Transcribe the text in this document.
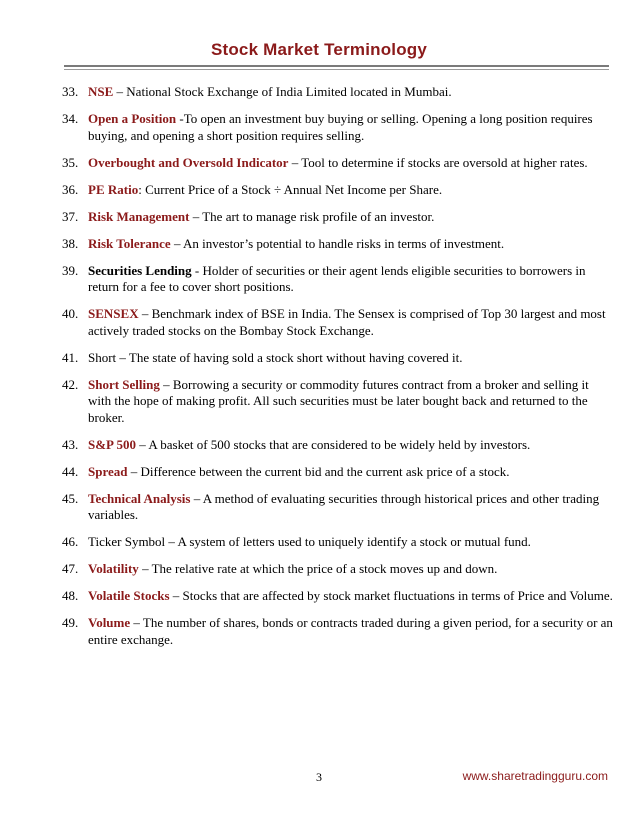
Stock Market Terminology
33. NSE – National Stock Exchange of India Limited located in Mumbai.
34. Open a Position -To open an investment buy buying or selling. Opening a long position requires buying, and opening a short position requires selling.
35. Overbought and Oversold Indicator – Tool to determine if stocks are oversold at higher rates.
36. PE Ratio: Current Price of a Stock ÷ Annual Net Income per Share.
37. Risk Management – The art to manage risk profile of an investor.
38. Risk Tolerance – An investor’s potential to handle risks in terms of investment.
39. Securities Lending - Holder of securities or their agent lends eligible securities to borrowers in return for a fee to cover short positions.
40. SENSEX – Benchmark index of BSE in India. The Sensex is comprised of Top 30 largest and most actively traded stocks on the Bombay Stock Exchange.
41. Short – The state of having sold a stock short without having covered it.
42. Short Selling – Borrowing a security or commodity futures contract from a broker and selling it with the hope of making profit. All such securities must be later bought back and returned to the broker.
43. S&P 500 – A basket of 500 stocks that are considered to be widely held by investors.
44. Spread – Difference between the current bid and the current ask price of a stock.
45. Technical Analysis – A method of evaluating securities through historical prices and other trading variables.
46. Ticker Symbol – A system of letters used to uniquely identify a stock or mutual fund.
47. Volatility – The relative rate at which the price of a stock moves up and down.
48. Volatile Stocks – Stocks that are affected by stock market fluctuations in terms of Price and Volume.
49. Volume – The number of shares, bonds or contracts traded during a given period, for a security or an entire exchange.
3	www.sharetradingguru.com
